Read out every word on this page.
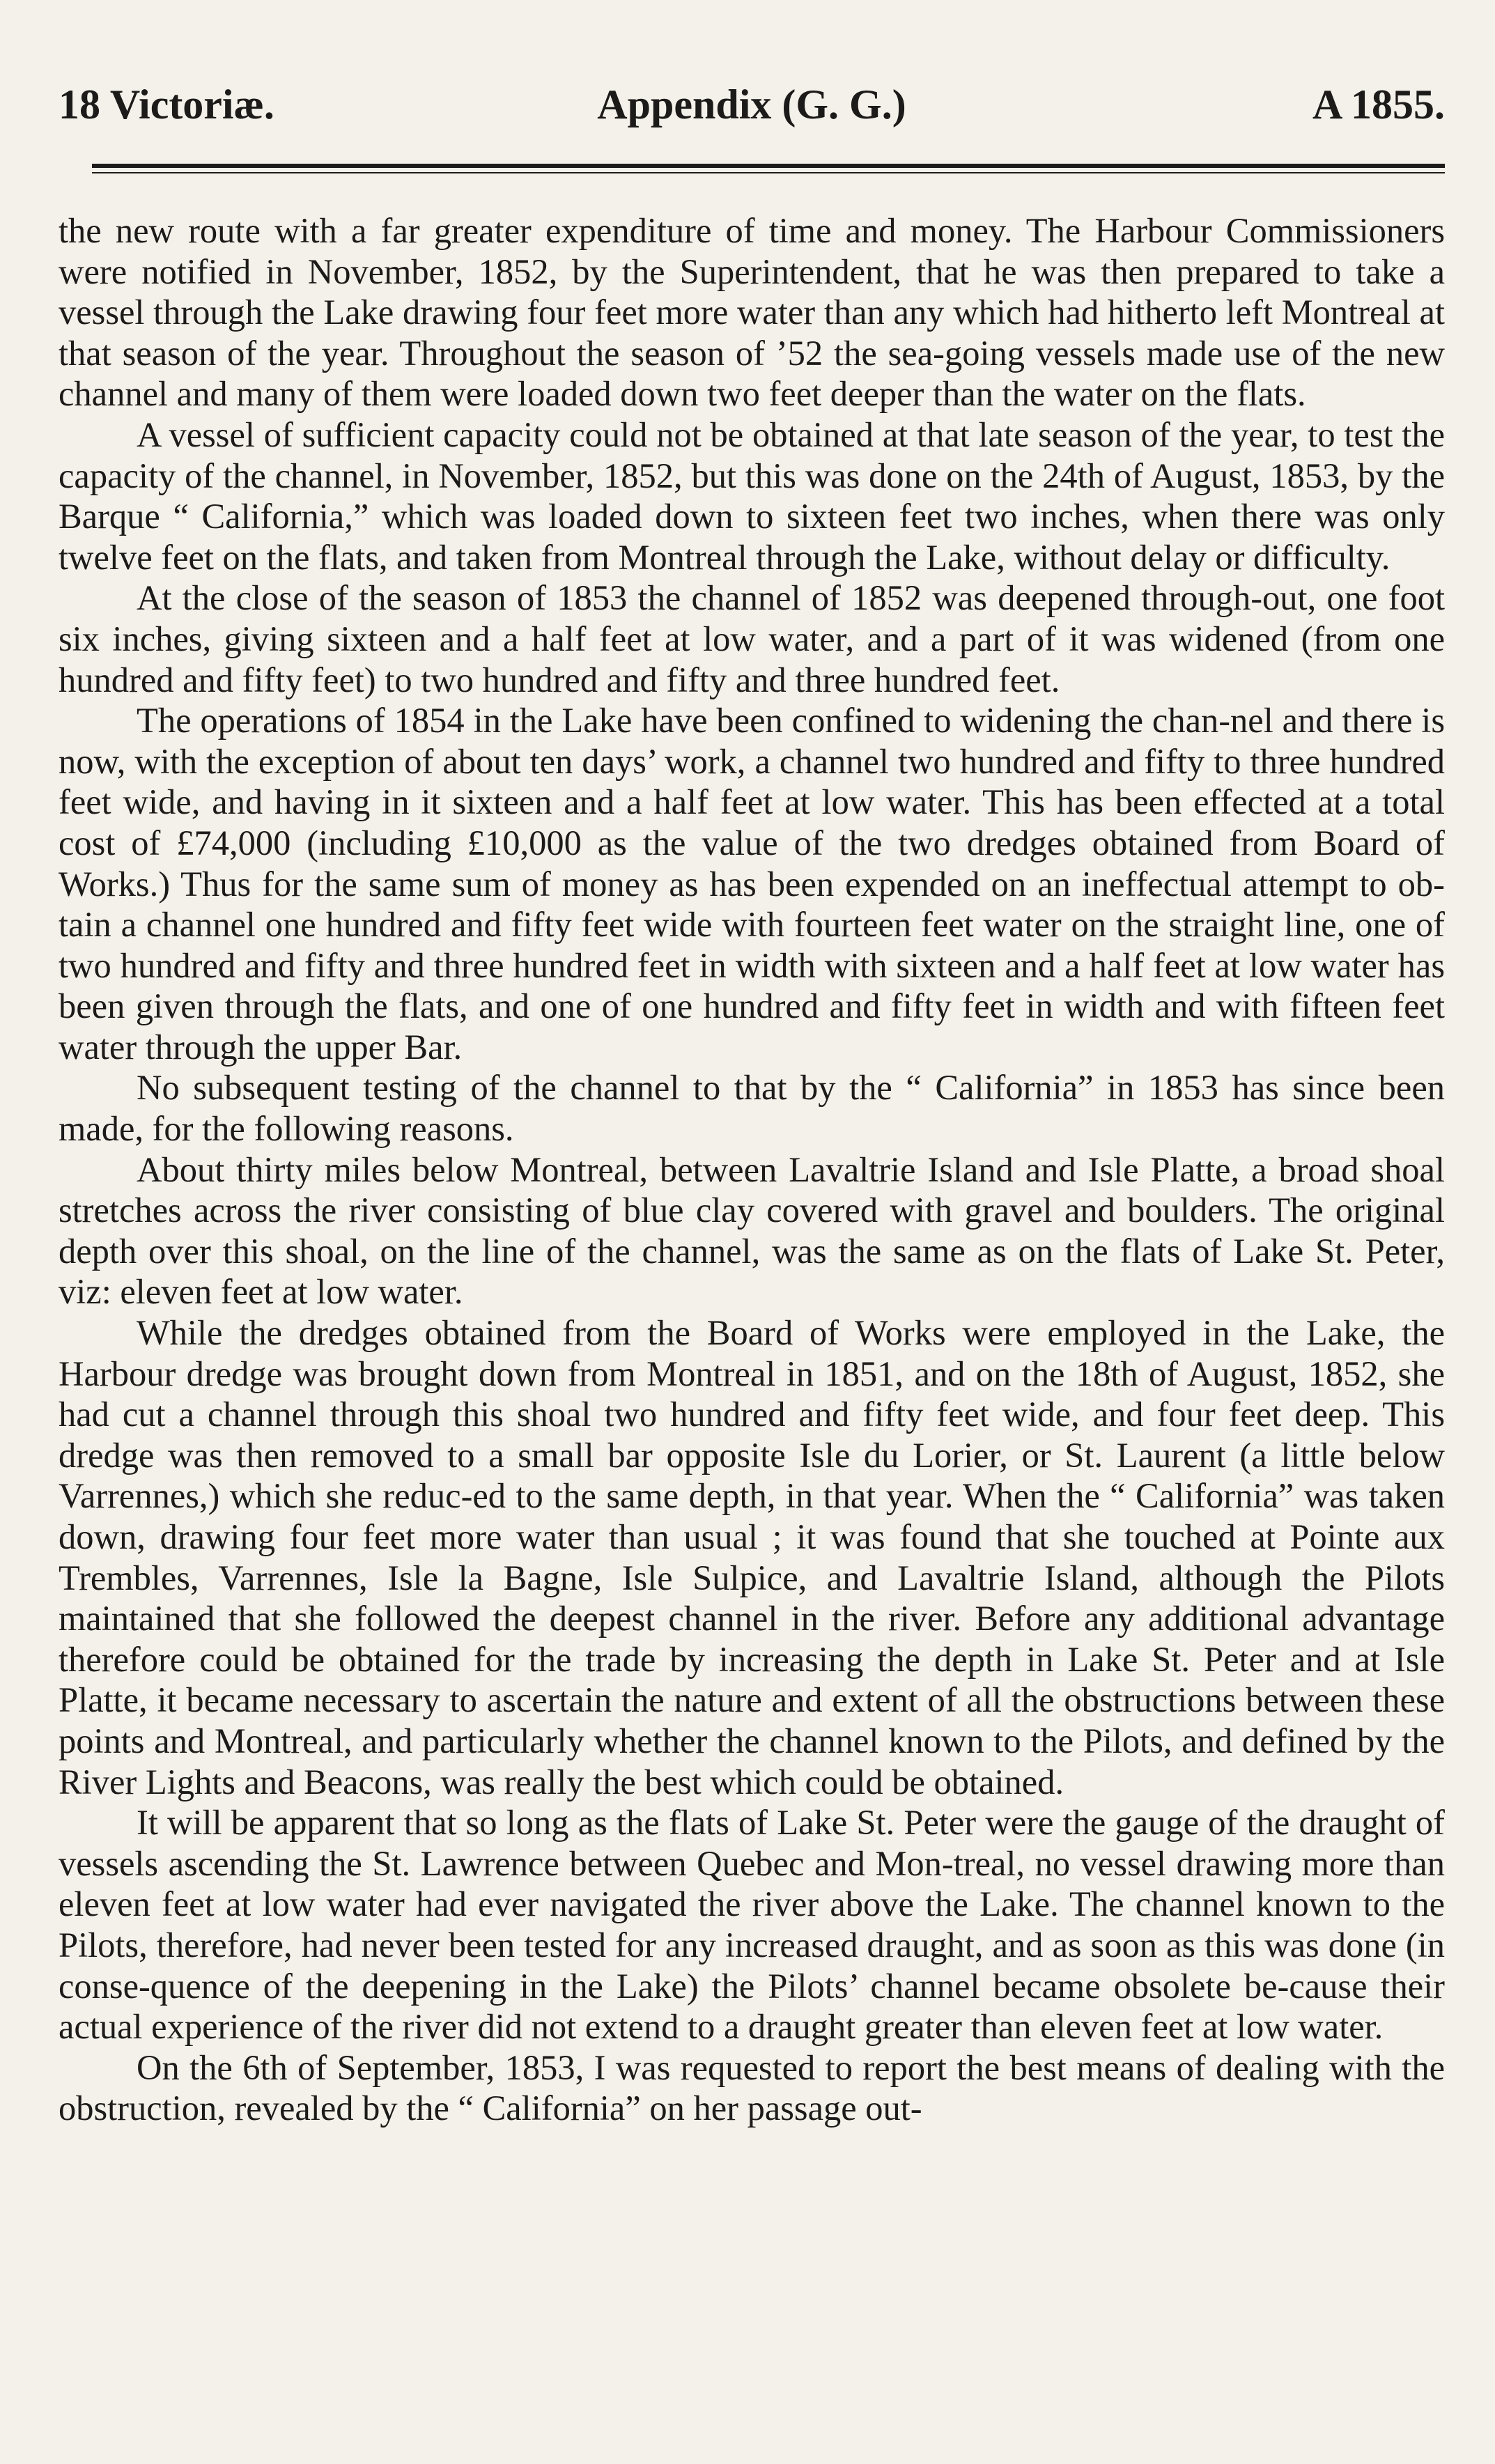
18 Victoriæ.	Appendix (G. G.)	A 1855.

the new route with a far greater expenditure of time and money. The Harbour Commissioners were notified in November, 1852, by the Superintendent, that he was then prepared to take a vessel through the Lake drawing four feet more water than any which had hitherto left Montreal at that season of the year. Throughout the season of ’52 the sea-going vessels made use of the new channel and many of them were loaded down two feet deeper than the water on the flats.

A vessel of sufficient capacity could not be obtained at that late season of the year, to test the capacity of the channel, in November, 1852, but this was done on the 24th of August, 1853, by the Barque “ California,” which was loaded down to sixteen feet two inches, when there was only twelve feet on the flats, and taken from Montreal through the Lake, without delay or difficulty.

At the close of the season of 1853 the channel of 1852 was deepened through-out, one foot six inches, giving sixteen and a half feet at low water, and a part of it was widened (from one hundred and fifty feet) to two hundred and fifty and three hundred feet.

The operations of 1854 in the Lake have been confined to widening the chan-nel and there is now, with the exception of about ten days’ work, a channel two hundred and fifty to three hundred feet wide, and having in it sixteen and a half feet at low water. This has been effected at a total cost of £74,000 (including £10,000 as the value of the two dredges obtained from Board of Works.) Thus for the same sum of money as has been expended on an ineffectual attempt to ob-tain a channel one hundred and fifty feet wide with fourteen feet water on the straight line, one of two hundred and fifty and three hundred feet in width with sixteen and a half feet at low water has been given through the flats, and one of one hundred and fifty feet in width and with fifteen feet water through the upper Bar.

No subsequent testing of the channel to that by the “ California” in 1853 has since been made, for the following reasons.

About thirty miles below Montreal, between Lavaltrie Island and Isle Platte, a broad shoal stretches across the river consisting of blue clay covered with gravel and boulders. The original depth over this shoal, on the line of the channel, was the same as on the flats of Lake St. Peter, viz: eleven feet at low water.

While the dredges obtained from the Board of Works were employed in the Lake, the Harbour dredge was brought down from Montreal in 1851, and on the 18th of August, 1852, she had cut a channel through this shoal two hundred and fifty feet wide, and four feet deep. This dredge was then removed to a small bar opposite Isle du Lorier, or St. Laurent (a little below Varrennes,) which she reduc-ed to the same depth, in that year. When the “ California” was taken down, drawing four feet more water than usual ; it was found that she touched at Pointe aux Trembles, Varrennes, Isle la Bagne, Isle Sulpice, and Lavaltrie Island, although the Pilots maintained that she followed the deepest channel in the river. Before any additional advantage therefore could be obtained for the trade by increasing the depth in Lake St. Peter and at Isle Platte, it became necessary to ascertain the nature and extent of all the obstructions between these points and Montreal, and particularly whether the channel known to the Pilots, and defined by the River Lights and Beacons, was really the best which could be obtained.

It will be apparent that so long as the flats of Lake St. Peter were the gauge of the draught of vessels ascending the St. Lawrence between Quebec and Mon-treal, no vessel drawing more than eleven feet at low water had ever navigated the river above the Lake. The channel known to the Pilots, therefore, had never been tested for any increased draught, and as soon as this was done (in conse-quence of the deepening in the Lake) the Pilots’ channel became obsolete be-cause their actual experience of the river did not extend to a draught greater than eleven feet at low water.

On the 6th of September, 1853, I was requested to report the best means of dealing with the obstruction, revealed by the “ California” on her passage out-
